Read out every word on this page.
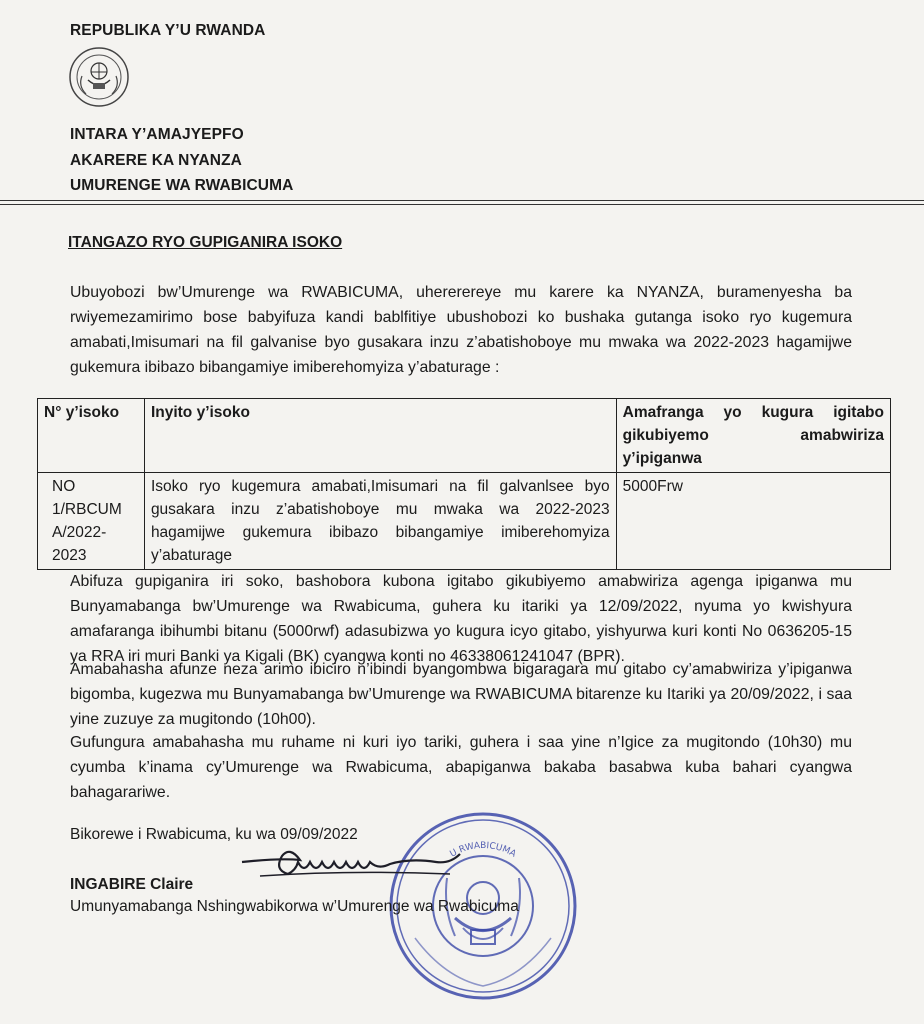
REPUBLIKA Y’U RWANDA
INTARA Y’AMAJYEPFO
AKARERE KA NYANZA
UMURENGE WA RWABICUMA
ITANGAZO RYO GUPIGANIRA ISOKO
Ubuyobozi bw’Umurenge wa RWABICUMA, uhererereye mu karere ka NYANZA, buramenyesha ba rwiyemezamirimo bose babyifuza kandi bablfitiye ubushobozi ko bushaka gutanga isoko ryo kugemura amabati,Imisumari na fil galvanise byo gusakara inzu z’abatishoboye mu mwaka wa 2022-2023 hagamijwe gukemura ibibazo bibangamiye imiberehomyiza y’abaturage :
N° y’isoko	Inyito y’isoko	Amafranga yo kugura igitabo
gikubiyemo amabwiriza
y’ipiganwa

NO 1/RBCUM A/2022-2023	Isoko ryo kugemura amabati,Imisumari na fil galvanlsee byo gusakara inzu z’abatishoboye mu mwaka wa 2022-2023 hagamijwe gukemura ibibazo bibangamiye imiberehomyiza y’abaturage	5000Frw
Abifuza gupiganira iri soko, bashobora kubona igitabo gikubiyemo amabwiriza agenga ipiganwa mu Bunyamabanga bw’Umurenge wa Rwabicuma, guhera ku itariki ya 12/09/2022, nyuma yo kwishyura amafaranga ibihumbi bitanu (5000rwf) adasubizwa yo kugura icyo gitabo, yishyurwa kuri konti No 0636205-15 ya RRA iri muri Banki ya Kigali (BK) cyangwa konti no 46338061241047 (BPR).
Amabahasha afunze neza arimo ibiciro n’ibindi byangombwa bigaragara mu gitabo cy’amabwiriza y’ipiganwa bigomba, kugezwa mu Bunyamabanga bw’Umurenge wa RWABICUMA bitarenze ku Itariki ya 20/09/2022, i saa yine zuzuye za mugitondo (10h00).
Gufungura amabahasha mu ruhame ni kuri iyo tariki, guhera i saa yine n’Igice za mugitondo (10h30) mu cyumba k’inama cy’Umurenge wa Rwabicuma, abapiganwa bakaba basabwa kuba bahari cyangwa bahagarariwe.
U RWABICUMA
Bikorewe i Rwabicuma, ku wa 09/09/2022
INGABIRE Claire
Umunyamabanga Nshingwabikorwa w’Umurenge wa Rwabicuma
